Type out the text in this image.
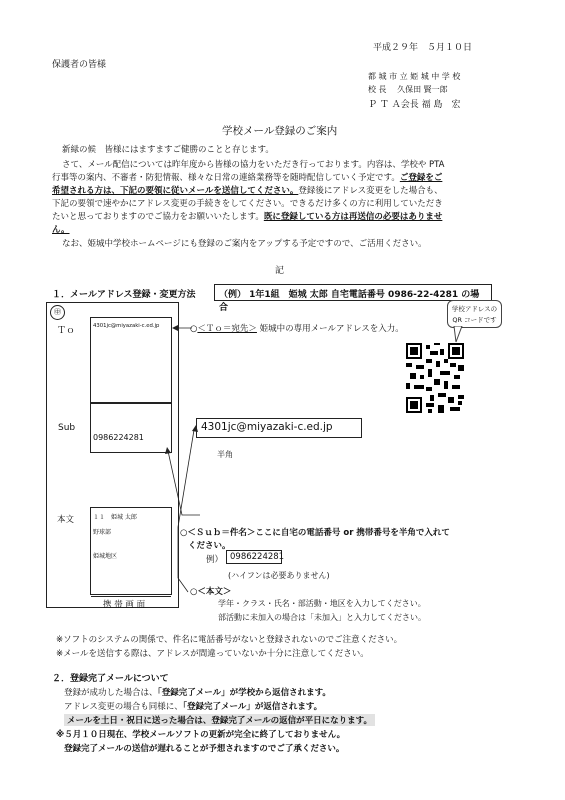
平成２９年　５月１０日
保護者の皆様
都 城 市 立 姫 城 中 学 校
校 長　 久保田 賢一郎
Ｐ Ｔ Ａ会長 福 島　宏
学校メール登録のご案内
新緑の候　皆様にはますますご健勝のことと存じます。
さて、メール配信については昨年度から皆様の協力をいただき行っております。内容は、学校や PTA
行事等の案内、不審者・防犯情報、様々な日常の連絡業務等を随時配信していく予定です。ご登録をご
希望される方は、下記の要領に従いメールを送信してください。登録後にアドレス変更をした場合も、
下記の要領で速やかにアドレス変更の手続きをしてください。できるだけ多くの方に利用していただき
たいと思っておりますのでご協力をお願いいたします。既に登録している方は再送信の必要はありませ
ん。
なお、姫城中学校ホームページにも登録のご案内をアップする予定ですので、ご活用ください。
記
１．メールアドレス登録・変更方法	（例） 1年1組　姫城 太郎 自宅電話番号 0986-22-4281 の場合
㊥
Ｔｏ	4301jc@miyazaki-c.ed.jp
Sub
0986224281
本文	１１　姫城 太郎
野球部
姫城地区
携 帯 画 面
学校アドレスの
QR コードです
○＜Ｔｏ＝宛先＞ 姫城中の専用メールアドレスを入力。
4301jc@miyazaki-c.ed.jp
半角
○＜Ｓｕｂ＝件名＞ここに自宅の電話番号 or 携帯番号を半角で入れて
ください。
例） 0986224281
(ハイフンは必要ありません)
○＜本文＞
学年・クラス・氏名・部活動・地区を入力してください。
部活動に未加入の場合は「未加入」と入力してください。
※ソフトのシステムの関係で、件名に電話番号がないと登録されないのでご注意ください。
※メールを送信する際は、アドレスが間違っていないか十分に注意してください。
２．登録完了メールについて
登録が成功した場合は、「登録完了メール」が学校から返信されます。
アドレス変更の場合も同様に、「登録完了メール」が返信されます。
メールを土日・祝日に送った場合は、登録完了メールの返信が平日になります。
※５月１０日現在、学校メールソフトの更新が完全に終了しておりません。
登録完了メールの送信が遅れることが予想されますのでご了承ください。
